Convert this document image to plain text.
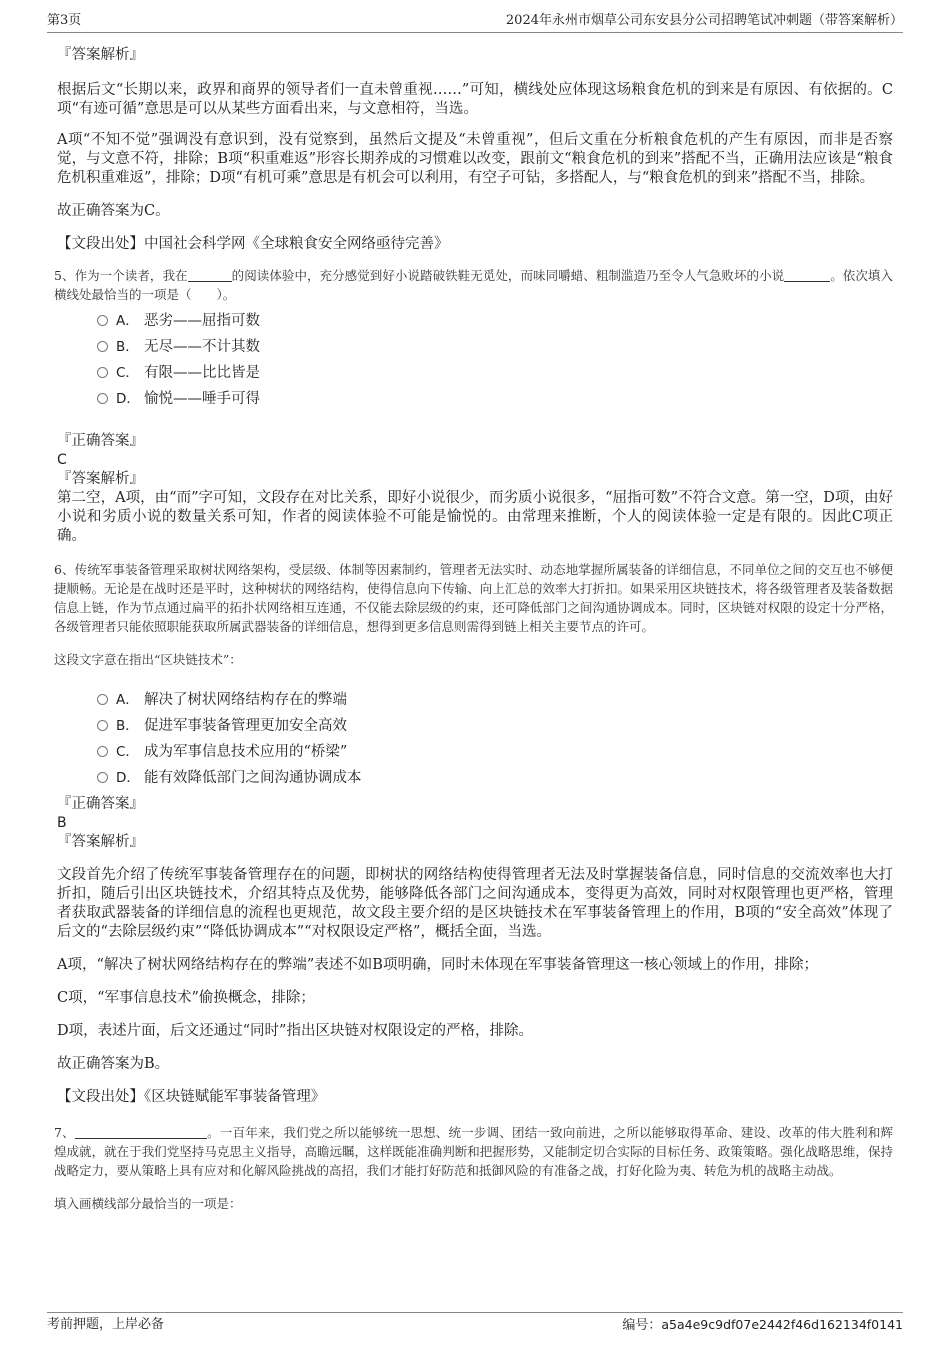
第3页	2024年永州市烟草公司东安县分公司招聘笔试冲刺题（带答案解析）

『答案解析』

根据后文“长期以来，政界和商界的领导者们一直未曾重视……”可知，横线处应体现这场粮食危机的到来是有原因、有依据的。C项“有迹可循”意思是可以从某些方面看出来，与文意相符，当选。

A项“不知不觉”强调没有意识到，没有觉察到，虽然后文提及“未曾重视”，但后文重在分析粮食危机的产生有原因，而非是否察觉，与文意不符，排除；B项“积重难返”形容长期养成的习惯难以改变，跟前文“粮食危机的到来”搭配不当，正确用法应该是“粮食危机积重难返”，排除；D项“有机可乘”意思是有机会可以利用，有空子可钻，多搭配人，与“粮食危机的到来”搭配不当，排除。

故正确答案为C。

【文段出处】中国社会科学网《全球粮食安全网络亟待完善》

5、作为一个读者，我在	的阅读体验中，充分感觉到好小说踏破铁鞋无觅处，而味同嚼蜡、粗制滥造乃至令人气急败坏的小说	。依次填入横线处最恰当的一项是（　　）。

A． 恶劣——屈指可数
B． 无尽——不计其数
C． 有限——比比皆是
D． 愉悦——唾手可得

『正确答案』

C

『答案解析』

第二空，A项，由“而”字可知，文段存在对比关系，即好小说很少，而劣质小说很多，“屈指可数”不符合文意。第一空，D项，由好小说和劣质小说的数量关系可知，作者的阅读体验不可能是愉悦的。由常理来推断，个人的阅读体验一定是有限的。因此C项正确。

6、传统军事装备管理采取树状网络架构，受层级、体制等因素制约，管理者无法实时、动态地掌握所属装备的详细信息，不同单位之间的交互也不够便捷顺畅。无论是在战时还是平时，这种树状的网络结构，使得信息向下传输、向上汇总的效率大打折扣。如果采用区块链技术，将各级管理者及装备数据信息上链，作为节点通过扁平的拓扑状网络相互连通，不仅能去除层级的约束，还可降低部门之间沟通协调成本。同时，区块链对权限的设定十分严格，各级管理者只能依照职能获取所属武器装备的详细信息，想得到更多信息则需得到链上相关主要节点的许可。

这段文字意在指出“区块链技术”：

A． 解决了树状网络结构存在的弊端
B． 促进军事装备管理更加安全高效
C． 成为军事信息技术应用的“桥梁”
D． 能有效降低部门之间沟通协调成本

『正确答案』

B

『答案解析』

文段首先介绍了传统军事装备管理存在的问题，即树状的网络结构使得管理者无法及时掌握装备信息，同时信息的交流效率也大打折扣，随后引出区块链技术，介绍其特点及优势，能够降低各部门之间沟通成本，变得更为高效，同时对权限管理也更严格，管理者获取武器装备的详细信息的流程也更规范，故文段主要介绍的是区块链技术在军事装备管理上的作用，B项的“安全高效”体现了后文的“去除层级约束”“降低协调成本”“对权限设定严格”，概括全面，当选。

A项，“解决了树状网络结构存在的弊端”表述不如B项明确，同时未体现在军事装备管理这一核心领域上的作用，排除；

C项，“军事信息技术”偷换概念，排除；

D项，表述片面，后文还通过“同时”指出区块链对权限设定的严格，排除。

故正确答案为B。

【文段出处】《区块链赋能军事装备管理》

7、	。一百年来，我们党之所以能够统一思想、统一步调、团结一致向前进，之所以能够取得革命、建设、改革的伟大胜利和辉煌成就，就在于我们党坚持马克思主义指导，高瞻远瞩，这样既能准确判断和把握形势，又能制定切合实际的目标任务、政策策略。强化战略思维，保持战略定力，要从策略上具有应对和化解风险挑战的高招，我们才能打好防范和抵御风险的有准备之战，打好化险为夷、转危为机的战略主动战。

填入画横线部分最恰当的一项是：

考前押题，上岸必备	编号：a5a4e9c9df07e2442f46d162134f0141
